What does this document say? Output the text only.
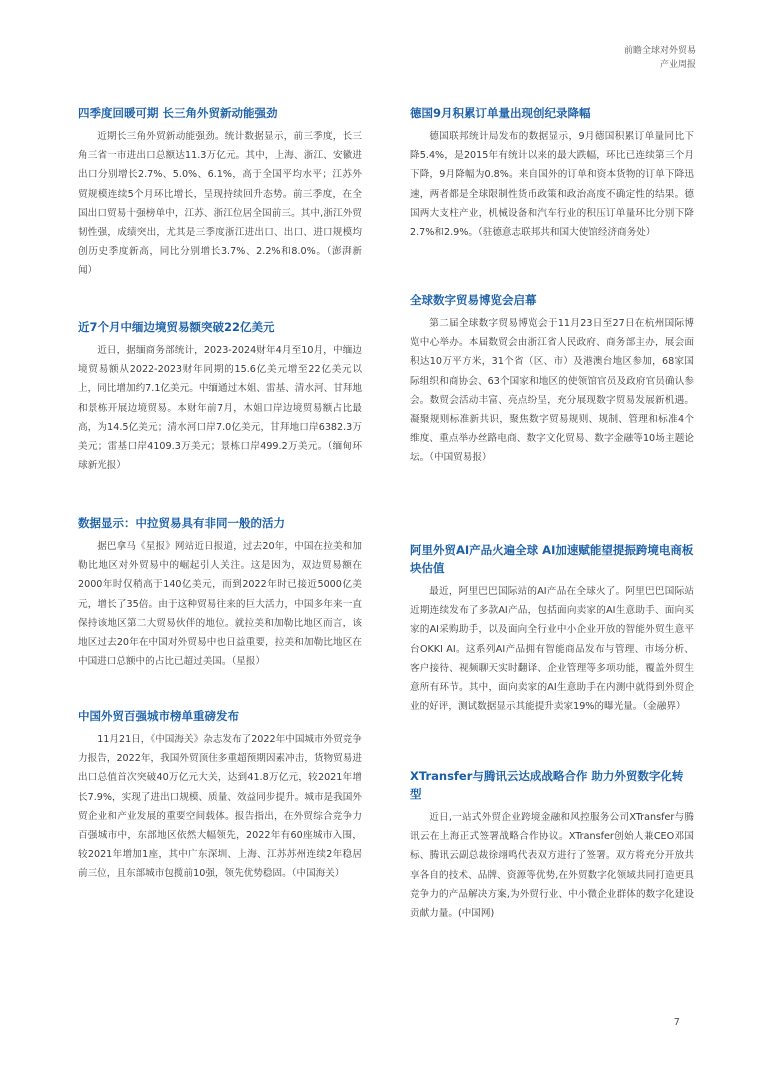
前瞻全球对外贸易
产业周报
四季度回暖可期 长三角外贸新动能强劲

近期长三角外贸新动能强劲。统计数据显示，前三季度，长三角三省一市进出口总额达11.3万亿元。其中，上海、浙江、安徽进出口分别增长2.7%、5.0%、6.1%，高于全国平均水平；江苏外贸规模连续5个月环比增长，呈现持续回升态势。前三季度，在全国出口贸易十强榜单中，江苏、浙江位居全国前三。其中,浙江外贸韧性强，成绩突出，尤其是三季度浙江进出口、出口、进口规模均创历史季度新高，同比分别增长3.7%、2.2%和8.0%。（澎湃新闻）

近7个月中缅边境贸易额突破22亿美元

近日，据缅商务部统计，2023-2024财年4月至10月，中缅边境贸易额从2022-2023财年同期的15.6亿美元增至22亿美元以上，同比增加约7.1亿美元。中缅通过木姐、雷基、清水河、甘拜地和景栋开展边境贸易。本财年前7月，木姐口岸边境贸易额占比最高，为14.5亿美元；清水河口岸7.0亿美元，甘拜地口岸6382.3万美元；雷基口岸4109.3万美元；景栋口岸499.2万美元。（缅甸环球新光报）

数据显示：中拉贸易具有非同一般的活力

据巴拿马《星报》网站近日报道，过去20年，中国在拉美和加勒比地区对外贸易中的崛起引人关注。这是因为，双边贸易额在2000年时仅稍高于140亿美元，而到2022年时已接近5000亿美元，增长了35倍。由于这种贸易往来的巨大活力，中国多年来一直保持该地区第二大贸易伙伴的地位。就拉美和加勒比地区而言，该地区过去20年在中国对外贸易中也日益重要，拉美和加勒比地区在中国进口总额中的占比已超过美国。（星报）

中国外贸百强城市榜单重磅发布

11月21日，《中国海关》杂志发布了2022年中国城市外贸竞争力报告，2022年，我国外贸顶住多重超预期因素冲击，货物贸易进出口总值首次突破40万亿元大关，达到41.8万亿元，较2021年增长7.9%，实现了进出口规模、质量、效益同步提升。城市是我国外贸企业和产业发展的重要空间载体。报告指出，在外贸综合竞争力百强城市中，东部地区依然大幅领先，2022年有60座城市入围，较2021年增加1座，其中广东深圳、上海、江苏苏州连续2年稳居前三位，且东部城市包揽前10强，领先优势稳固。（中国海关）

德国9月积累订单量出现创纪录降幅

德国联邦统计局发布的数据显示，9月德国积累订单量同比下降5.4%，是2015年有统计以来的最大跌幅，环比已连续第三个月下降，9月降幅为0.8%。来自国外的订单和资本货物的订单下降迅速，两者都是全球限制性货币政策和政治高度不确定性的结果。德国两大支柱产业，机械设备和汽车行业的积压订单量环比分别下降2.7%和2.9%。（驻德意志联邦共和国大使馆经济商务处）

全球数字贸易博览会启幕

第二届全球数字贸易博览会于11月23日至27日在杭州国际博览中心举办。本届数贸会由浙江省人民政府、商务部主办，展会面积达10万平方米，31个省（区、市）及港澳台地区参加，68家国际组织和商协会、63个国家和地区的使领馆官员及政府官员确认参会。数贸会活动丰富、亮点纷呈，充分展现数字贸易发展新机遇。凝聚规则标准新共识，聚焦数字贸易规则、规制、管理和标准4个维度、重点举办丝路电商、数字文化贸易、数字金融等10场主题论坛。（中国贸易报）

阿里外贸AI产品火遍全球 AI加速赋能望提振跨境电商板块估值

最近，阿里巴巴国际站的AI产品在全球火了。阿里巴巴国际站近期连续发布了多款AI产品，包括面向卖家的AI生意助手、面向买家的AI采购助手，以及面向全行业中小企业开放的智能外贸生意平台OKKI AI。这系列AI产品拥有智能商品发布与管理、市场分析、客户接待、视频聊天实时翻译、企业管理等多项功能，覆盖外贸生意所有环节。其中，面向卖家的AI生意助手在内测中就得到外贸企业的好评，测试数据显示其能提升卖家19%的曝光量。（金融界）

XTransfer与腾讯云达成战略合作 助力外贸数字化转型

近日,一站式外贸企业跨境金融和风控服务公司XTransfer与腾讯云在上海正式签署战略合作协议。XTransfer创始人兼CEO邓国标、腾讯云副总裁徐翊鸣代表双方进行了签署。双方将充分开放共享各自的技术、品牌、资源等优势,在外贸数字化领域共同打造更具竞争力的产品解决方案,为外贸行业、中小微企业群体的数字化建设贡献力量。(中国网)

7
